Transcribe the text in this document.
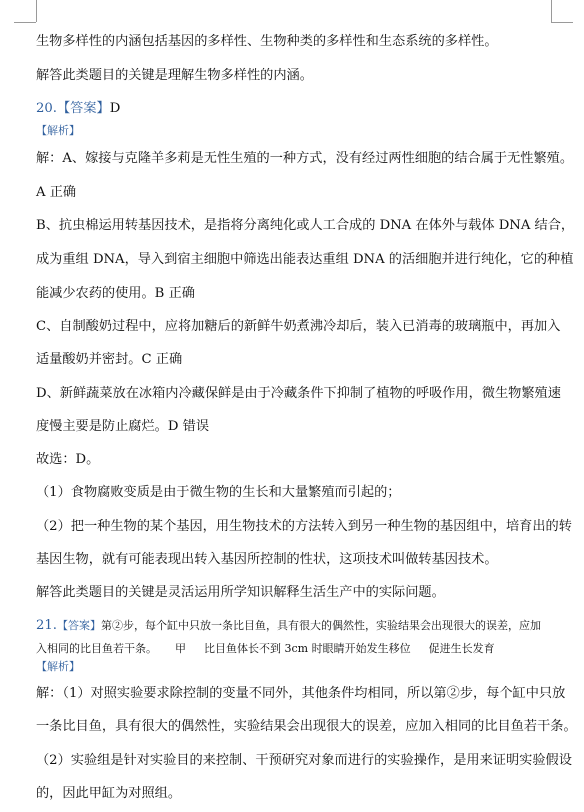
生物多样性的内涵包括基因的多样性、生物种类的多样性和生态系统的多样性。
解答此类题目的关键是理解生物多样性的内涵。
20.【答案】D
【解析】
解：A、嫁接与克隆羊多莉是无性生殖的一种方式，没有经过两性细胞的结合属于无性繁殖。
A 正确
B、抗虫棉运用转基因技术，是指将分离纯化或人工合成的 DNA 在体外与载体 DNA 结合，
成为重组 DNA，导入到宿主细胞中筛选出能表达重组 DNA 的活细胞并进行纯化，它的种植
能减少农药的使用。B 正确
C、自制酸奶过程中，应将加糖后的新鲜牛奶煮沸冷却后，装入已消毒的玻璃瓶中，再加入
适量酸奶并密封。C 正确
D、新鲜蔬菜放在冰箱内冷藏保鲜是由于冷藏条件下抑制了植物的呼吸作用，微生物繁殖速
度慢主要是防止腐烂。D 错误
故选：D。
（1）食物腐败变质是由于微生物的生长和大量繁殖而引起的；
（2）把一种生物的某个基因，用生物技术的方法转入到另一种生物的基因组中，培育出的转
基因生物，就有可能表现出转入基因所控制的性状，这项技术叫做转基因技术。
解答此类题目的关键是灵活运用所学知识解释生活生产中的实际问题。
21.【答案】第②步，每个缸中只放一条比目鱼，具有很大的偶然性，实验结果会出现很大的误差，应加
入相同的比目鱼若干条。 甲 比目鱼体长不到 3cm 时眼睛开始发生移位 促进生长发育
【解析】
解：（1）对照实验要求除控制的变量不同外，其他条件均相同，所以第②步，每个缸中只放
一条比目鱼，具有很大的偶然性，实验结果会出现很大的误差，应加入相同的比目鱼若干条。
（2）实验组是针对实验目的来控制、干预研究对象而进行的实验操作，是用来证明实验假设
的，因此甲缸为对照组。
